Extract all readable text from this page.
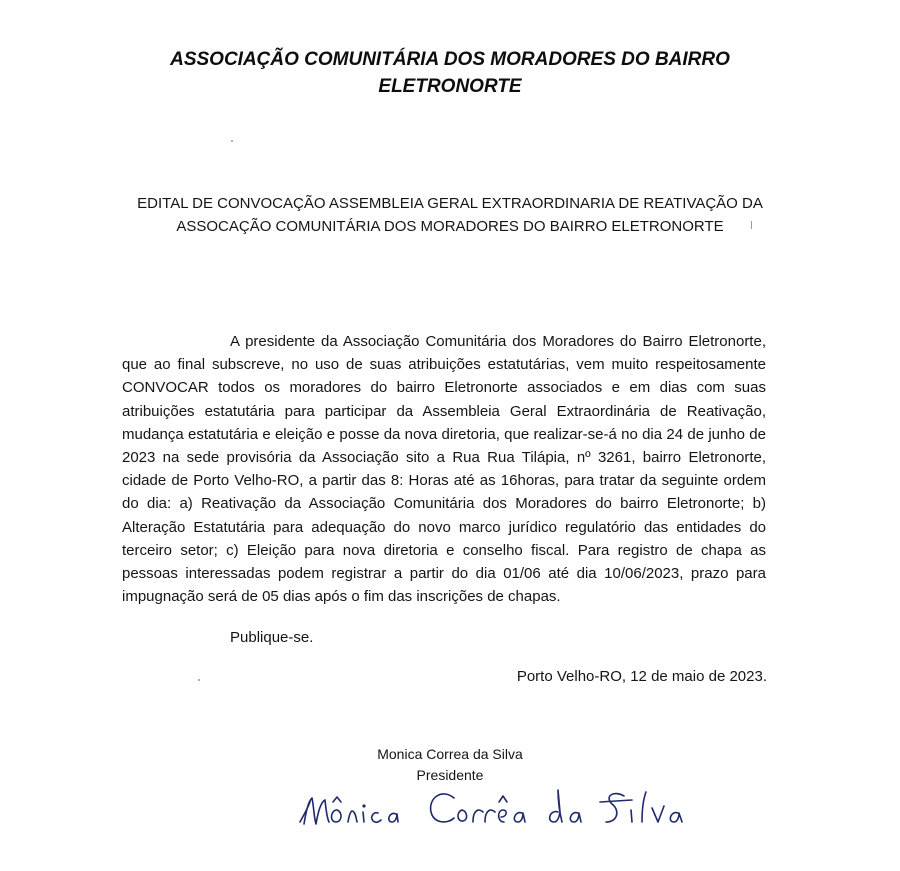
ASSOCIAÇÃO COMUNITÁRIA DOS MORADORES DO BAIRRO
ELETRONORTE
EDITAL DE CONVOCAÇÃO ASSEMBLEIA GERAL EXTRAORDINARIA DE REATIVAÇÃO DA
ASSOCAÇÃO COMUNITÁRIA DOS MORADORES DO BAIRRO ELETRONORTE

A presidente da Associação Comunitária dos Moradores do Bairro Eletronorte, que ao final subscreve, no uso de suas atribuições estatutárias, vem muito respeitosamente CONVOCAR todos os moradores do bairro Eletronorte associados e em dias com suas atribuições estatutária para participar da Assembleia Geral Extraordinária de Reativação, mudança estatutária e eleição e posse da nova diretoria, que realizar-se-á no dia 24 de junho de 2023 na sede provisória da Associação sito a Rua Rua Tilápia, nº 3261, bairro Eletronorte, cidade de Porto Velho-RO, a partir das 8: Horas até as 16horas, para tratar da seguinte ordem do dia: a) Reativação da Associação Comunitária dos Moradores do bairro Eletronorte; b) Alteração Estatutária para adequação do novo marco jurídico regulatório das entidades do terceiro setor; c) Eleição para nova diretoria e conselho fiscal. Para registro de chapa as pessoas interessadas podem registrar a partir do dia 01/06 até dia 10/06/2023, prazo para impugnação será de 05 dias após o fim das inscrições de chapas.

Publique-se.
Porto Velho-RO, 12 de maio de 2023.
Monica Correa da Silva
Presidente
